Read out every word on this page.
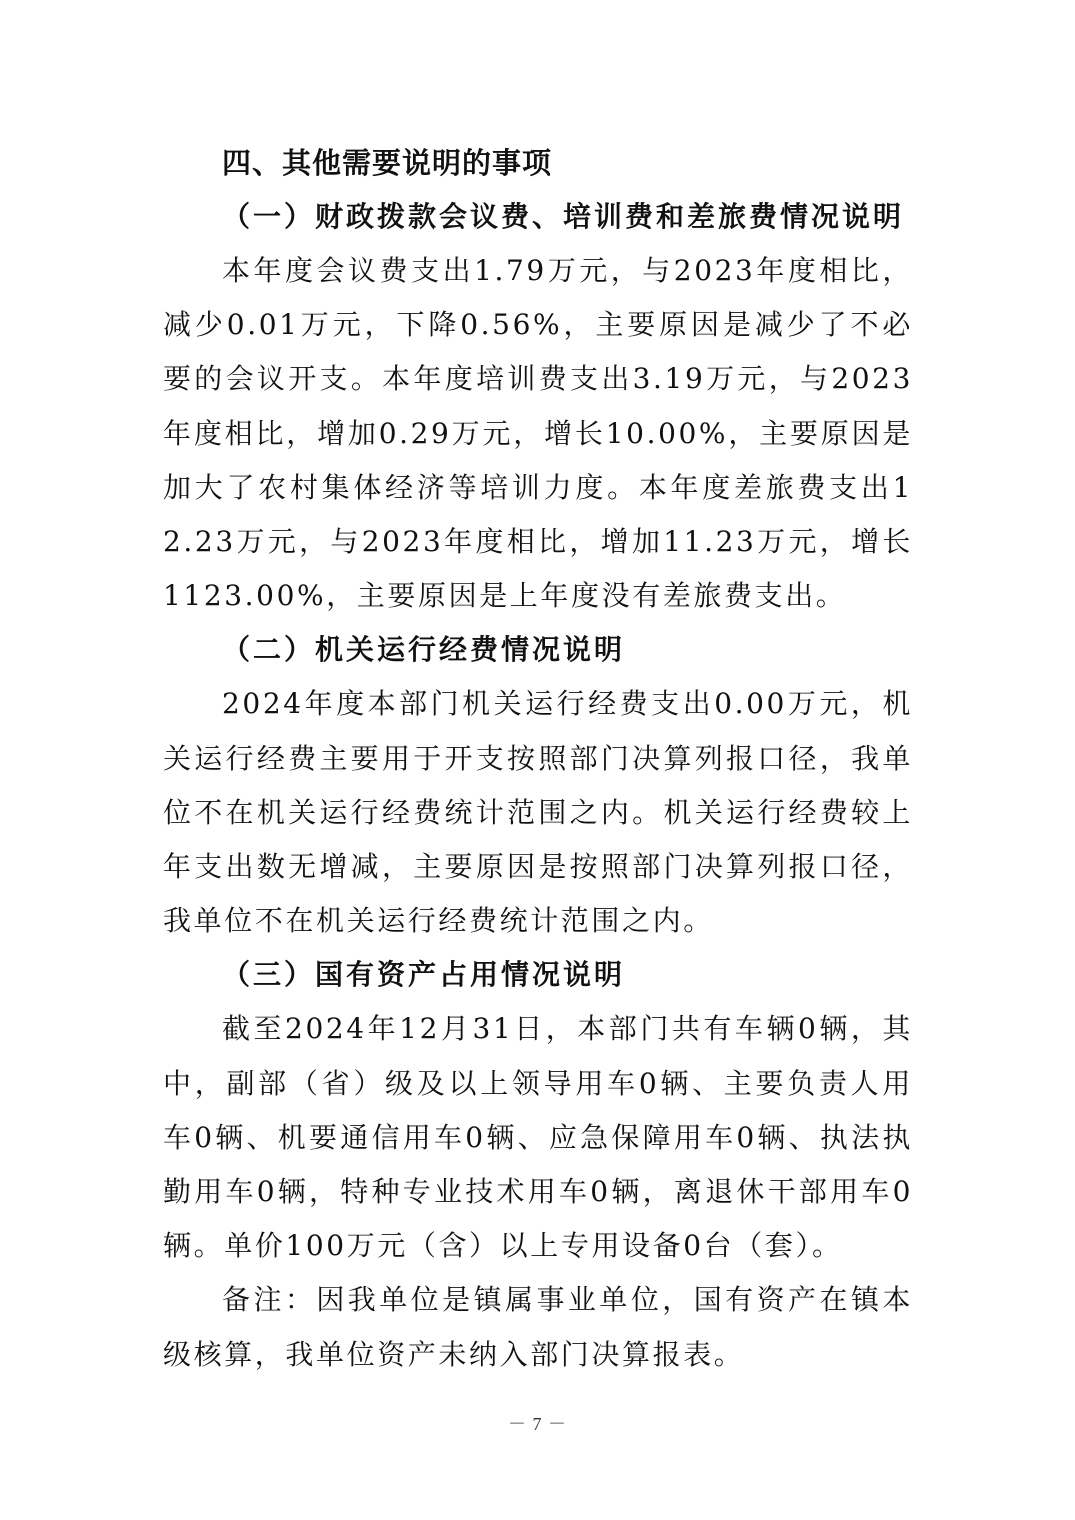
四、其他需要说明的事项
（一）财政拨款会议费、培训费和差旅费情况说明

本年度会议费支出1.79万元，与2023年度相比，减少0.01万元，下降0.56%，主要原因是减少了不必要的会议开支。本年度培训费支出3.19万元，与2023年度相比，增加0.29万元，增长10.00%，主要原因是加大了农村集体经济等培训力度。本年度差旅费支出12.23万元，与2023年度相比，增加11.23万元，增长1123.00%，主要原因是上年度没有差旅费支出。

（二）机关运行经费情况说明

2024年度本部门机关运行经费支出0.00万元，机关运行经费主要用于开支按照部门决算列报口径，我单位不在机关运行经费统计范围之内。机关运行经费较上年支出数无增减，主要原因是按照部门决算列报口径，我单位不在机关运行经费统计范围之内。

（三）国有资产占用情况说明

截至2024年12月31日，本部门共有车辆0辆，其中，副部（省）级及以上领导用车0辆、主要负责人用车0辆、机要通信用车0辆、应急保障用车0辆、执法执勤用车0辆，特种专业技术用车0辆，离退休干部用车0辆。单价100万元（含）以上专用设备0台（套）。

备注：因我单位是镇属事业单位，国有资产在镇本级核算，我单位资产未纳入部门决算报表。

－ 7 －
